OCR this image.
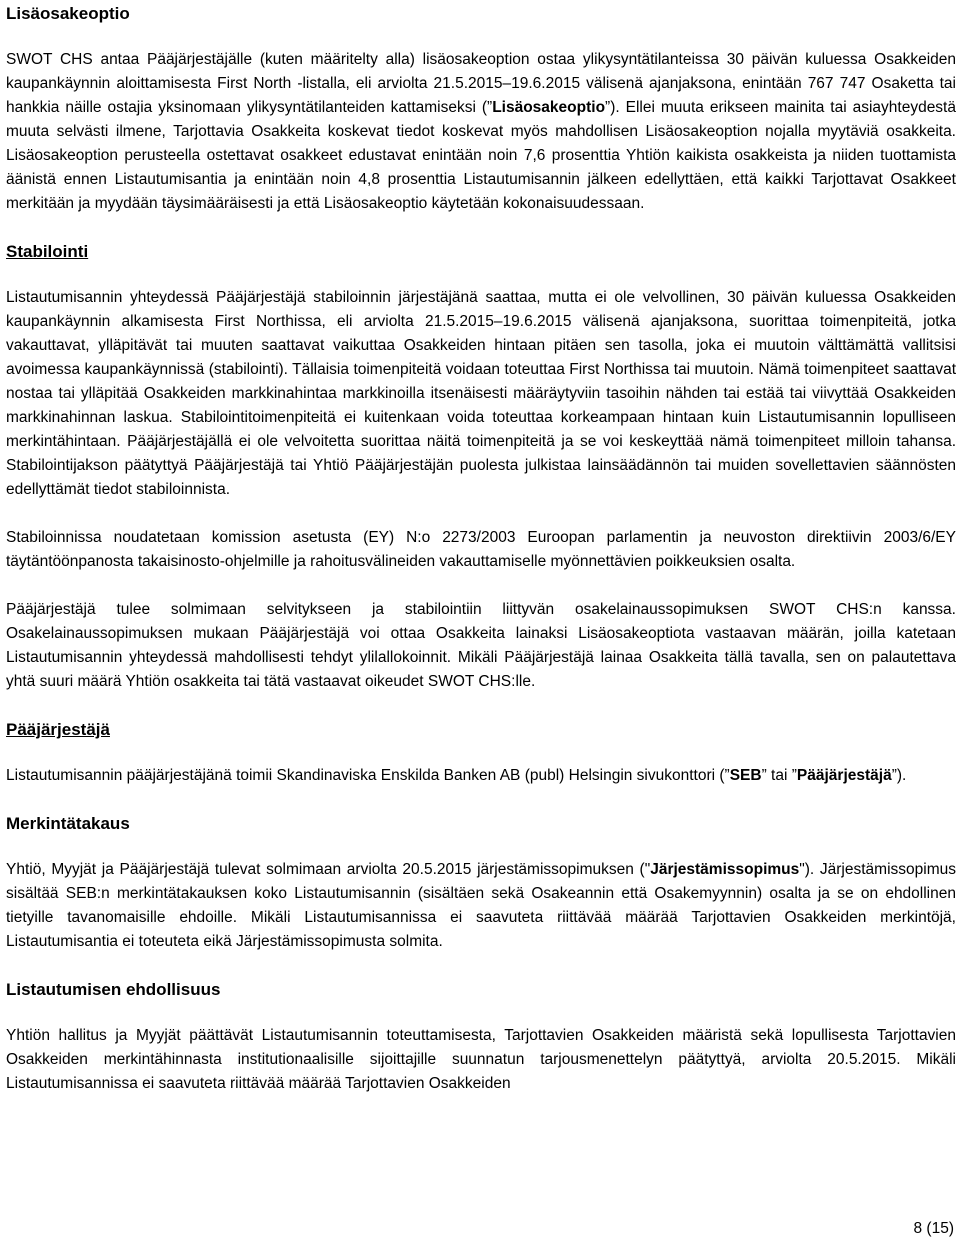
Lisäosakeoptio

SWOT CHS antaa Pääjärjestäjälle (kuten määritelty alla) lisäosakeoption ostaa ylikysyntätilanteissa 30 päivän kuluessa Osakkeiden kaupankäynnin aloittamisesta First North -listalla, eli arviolta 21.5.2015–19.6.2015 välisenä ajanjaksona, enintään 767 747 Osaketta tai hankkia näille ostajia yksinomaan ylikysyntätilanteiden kattamiseksi (”Lisäosakeoptio”). Ellei muuta erikseen mainita tai asiayhteydestä muuta selvästi ilmene, Tarjottavia Osakkeita koskevat tiedot koskevat myös mahdollisen Lisäosakeoption nojalla myytäviä osakkeita. Lisäosakeoption perusteella ostettavat osakkeet edustavat enintään noin 7,6 prosenttia Yhtiön kaikista osakkeista ja niiden tuottamista äänistä ennen Listautumisantia ja enintään noin 4,8 prosenttia Listautumisannin jälkeen edellyttäen, että kaikki Tarjottavat Osakkeet merkitään ja myydään täysimääräisesti ja että Lisäosakeoptio käytetään kokonaisuudessaan.

Stabilointi

Listautumisannin yhteydessä Pääjärjestäjä stabiloinnin järjestäjänä saattaa, mutta ei ole velvollinen, 30 päivän kuluessa Osakkeiden kaupankäynnin alkamisesta First Northissa, eli arviolta 21.5.2015–19.6.2015 välisenä ajanjaksona, suorittaa toimenpiteitä, jotka vakauttavat, ylläpitävät tai muuten saattavat vaikuttaa Osakkeiden hintaan pitäen sen tasolla, joka ei muutoin välttämättä vallitsisi avoimessa kaupankäynnissä (stabilointi). Tällaisia toimenpiteitä voidaan toteuttaa First Northissa tai muutoin. Nämä toimenpiteet saattavat nostaa tai ylläpitää Osakkeiden markkinahintaa markkinoilla itsenäisesti määräytyviin tasoihin nähden tai estää tai viivyttää Osakkeiden markkinahinnan laskua. Stabilointitoimenpiteitä ei kuitenkaan voida toteuttaa korkeampaan hintaan kuin Listautumisannin lopulliseen merkintähintaan. Pääjärjestäjällä ei ole velvoitetta suorittaa näitä toimenpiteitä ja se voi keskeyttää nämä toimenpiteet milloin tahansa. Stabilointijakson päätyttyä Pääjärjestäjä tai Yhtiö Pääjärjestäjän puolesta julkistaa lainsäädännön tai muiden sovellettavien säännösten edellyttämät tiedot stabiloinnista.

Stabiloinnissa noudatetaan komission asetusta (EY) N:o 2273/2003 Euroopan parlamentin ja neuvoston direktiivin 2003/6/EY täytäntöönpanosta takaisinosto-ohjelmille ja rahoitusvälineiden vakauttamiselle myönnettävien poikkeuksien osalta.

Pääjärjestäjä tulee solmimaan selvitykseen ja stabilointiin liittyvän osakelainaussopimuksen SWOT CHS:n kanssa. Osakelainaussopimuksen mukaan Pääjärjestäjä voi ottaa Osakkeita lainaksi Lisäosakeoptiota vastaavan määrän, joilla katetaan Listautumisannin yhteydessä mahdollisesti tehdyt ylilallokoinnit. Mikäli Pääjärjestäjä lainaa Osakkeita tällä tavalla, sen on palautettava yhtä suuri määrä Yhtiön osakkeita tai tätä vastaavat oikeudet SWOT CHS:lle.

Pääjärjestäjä

Listautumisannin pääjärjestäjänä toimii Skandinaviska Enskilda Banken AB (publ) Helsingin sivukonttori (”SEB” tai ”Pääjärjestäjä”).

Merkintätakaus

Yhtiö, Myyjät ja Pääjärjestäjä tulevat solmimaan arviolta 20.5.2015 järjestämissopimuksen ("Järjestämissopimus"). Järjestämissopimus sisältää SEB:n merkintätakauksen koko Listautumisannin (sisältäen sekä Osakeannin että Osakemyynnin) osalta ja se on ehdollinen tietyille tavanomaisille ehdoille. Mikäli Listautumisannissa ei saavuteta riittävää määrää Tarjottavien Osakkeiden merkintöjä, Listautumisantia ei toteuteta eikä Järjestämissopimusta solmita.

Listautumisen ehdollisuus

Yhtiön hallitus ja Myyjät päättävät Listautumisannin toteuttamisesta, Tarjottavien Osakkeiden määristä sekä lopullisesta Tarjottavien Osakkeiden merkintähinnasta institutionaalisille sijoittajille suunnatun tarjousmenettelyn päätyttyä, arviolta 20.5.2015. Mikäli Listautumisannissa ei saavuteta riittävää määrää Tarjottavien Osakkeiden

8 (15)
